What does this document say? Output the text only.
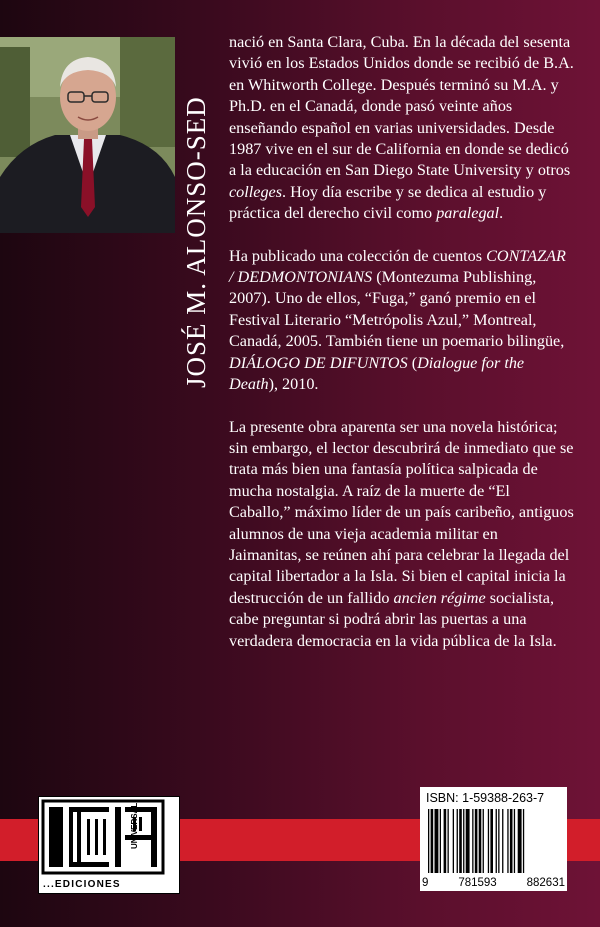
JOSÉ M. ALONSO-SED

nació en Santa Clara, Cuba. En la década del sesenta vivió en los Estados Unidos donde se recibió de B.A. en Whitworth College. Después terminó su M.A. y Ph.D. en el Canadá, donde pasó veinte años enseñando español en varias universidades. Desde 1987 vive en el sur de California en donde se dedicó a la educación en San Diego State University y otros colleges. Hoy día escribe y se dedica al estudio y práctica del derecho civil como paralegal.

Ha publicado una colección de cuentos CONTAZAR / DEDMONTONIANS (Montezuma Publishing, 2007). Uno de ellos, “Fuga,” ganó premio en el Festival Literario “Metrópolis Azul,” Montreal, Canadá, 2005. También tiene un poemario bilingüe, DIÁLOGO DE DIFUNTOS (Dialogue for the Death), 2010.

La presente obra aparenta ser una novela histórica; sin embargo, el lector descubrirá de inmediato que se trata más bien una fantasía política salpicada de mucha nostalgia. A raíz de la muerte de “El Caballo,” máximo líder de un país caribeño, antiguos alumnos de una vieja academia militar en Jaimanitas, se reúnen ahí para celebrar la llegada del capital libertador a la Isla. Si bien el capital inicia la destrucción de un fallido ancien régime socialista, cabe preguntar si podrá abrir las puertas a una verdadera democracia en la vida pública de la Isla.

...EDICIONES
UNIVERSAL
ISBN: 1-59388-263-7
9	781593	882631
